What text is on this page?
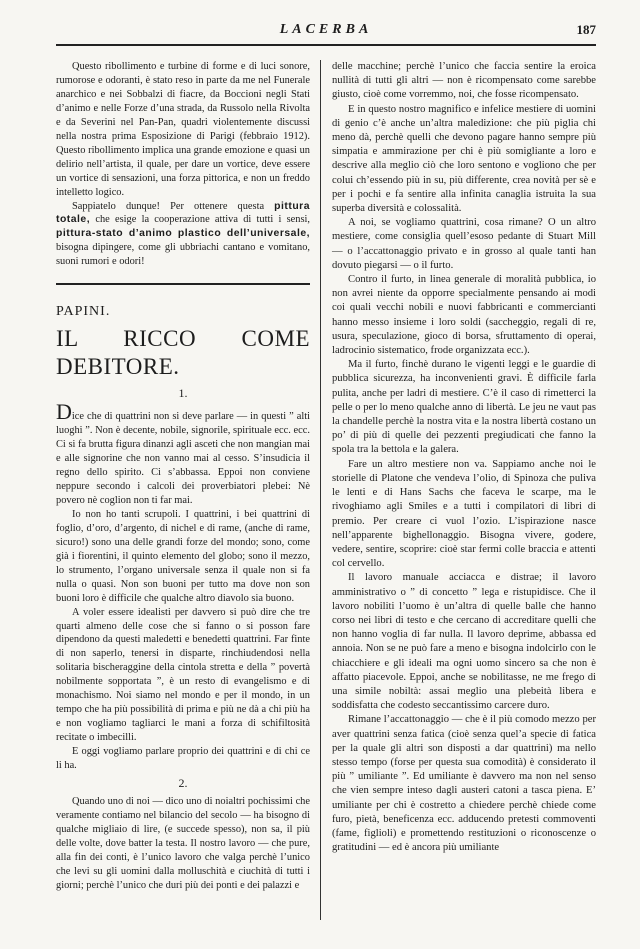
LACERBA	187

Questo ribollimento e turbine di forme e di luci sonore, rumorose e odoranti, è stato reso in parte da me nel Funerale anarchico e nei Sobbalzi di fiacre, da Boccioni negli Stati d’animo e nelle Forze d’una strada, da Russolo nella Rivolta e da Severini nel Pan-Pan, quadri violentemente discussi nella nostra prima Esposizione di Parigi (febbraio 1912). Questo ribollimento implica una grande emozione e quasi un delirio nell’artista, il quale, per dare un vortice, deve essere un vortice di sensazioni, una forza pittorica, e non un freddo intelletto logico.

Sappiatelo dunque! Per ottenere questa pittura totale, che esige la cooperazione attiva di tutti i sensi, pittura-stato d’animo plastico dell’universale, bisogna dipingere, come gli ubbriachi cantano e vomitano, suoni rumori e odori!

PAPINI.
IL RICCO COME DEBITORE.
1.

Dice che di quattrini non si deve parlare — in questi ” alti luoghi ”. Non è decente, nobile, signorile, spirituale ecc. ecc. Ci si fa brutta figura dinanzi agli asceti che non mangian mai e alle signorine che non vanno mai al cesso. S’insudicia il regno dello spirito. Ci s’abbassa. Eppoi non conviene neppure secondo i calcoli dei proverbiatori plebei: Nè povero nè coglion non ti far mai.

Io non ho tanti scrupoli. I quattrini, i bei quattrini di foglio, d’oro, d’argento, di nichel e di rame, (anche di rame, sicuro!) sono una delle grandi forze del mondo; sono, come già i fiorentini, il quinto elemento del globo; sono il mezzo, lo strumento, l’organo universale senza il quale non si fa nulla o quasi. Non son buoni per tutto ma dove non son buoni loro è difficile che qualche altro diavolo sia buono.

A voler essere idealisti per davvero si può dire che tre quarti almeno delle cose che si fanno o si posson fare dipendono da questi maledetti e benedetti quattrini. Far finte di non saperlo, tenersi in disparte, rinchiudendosi nella solitaria bischeraggine della cintola stretta e della ” povertà nobilmente sopportata ”, è un resto di evangelismo e di monachismo. Noi siamo nel mondo e per il mondo, in un tempo che ha più possibilità di prima e più ne dà a chi più ha e non vogliamo tagliarci le mani a forza di schifiltosità recitate o imbecilli.

E oggi vogliamo parlare proprio dei quattrini e di chi ce li ha.

2.

Quando uno di noi — dico uno di noialtri pochissimi che veramente contiamo nel bilancio del secolo — ha bisogno di qualche migliaio di lire, (e succede spesso), non sa, il più delle volte, dove batter la testa. Il nostro lavoro — che pure, alla fin dei conti, è l’unico lavoro che valga perchè l’unico che levi su gli uomini dalla molluschità e ciuchità di tutti i giorni; perchè l’unico che duri più dei ponti e dei palazzi e

delle macchine; perchè l’unico che faccia sentire la eroica nullità di tutti gli altri — non è ricompensato come sarebbe giusto, cioè come vorremmo, noi, che fosse ricompensato.

E in questo nostro magnifico e infelice mestiere di uomini di genio c’è anche un’altra maledizione: che più piglia chi meno dà, perchè quelli che devono pagare hanno sempre più simpatia e ammirazione per chi è più somigliante a loro e descrive alla meglio ciò che loro sentono e vogliono che per colui ch’essendo più in su, più differente, crea novità per sè e per i pochi e fa sentire alla infinita canaglia istruita la sua superba diversità e colossalità.

A noi, se vogliamo quattrini, cosa rimane? O un altro mestiere, come consiglia quell’esoso pedante di Stuart Mill — o l’accattonaggio privato e in grosso al quale tanti han dovuto piegarsi — o il furto.

Contro il furto, in linea generale di moralità pubblica, io non avrei niente da opporre specialmente pensando ai modi coi quali vecchi nobili e nuovi fabbricanti e commercianti hanno messo insieme i loro soldi (saccheggio, regali di re, usura, speculazione, gioco di borsa, sfruttamento di operai, ladrocinio sistematico, frode organizzata ecc.).

Ma il furto, finchè durano le vigenti leggi e le guardie di pubblica sicurezza, ha inconvenienti gravi. È difficile farla pulita, anche per ladri di mestiere. C’è il caso di rimetterci la pelle o per lo meno qualche anno di libertà. Le jeu ne vaut pas la chandelle perchè la nostra vita e la nostra libertà costano un po’ di più di quelle dei pezzenti pregiudicati che fanno la spola tra la bettola e la galera.

Fare un altro mestiere non va. Sappiamo anche noi le storielle di Platone che vendeva l’olio, di Spinoza che puliva le lenti e di Hans Sachs che faceva le scarpe, ma le rivoghiamo agli Smiles e a tutti i compilatori di libri di premio. Per creare ci vuol l’ozio. L’ispirazione nasce nell’apparente bighellonaggio. Bisogna vivere, godere, vedere, sentire, scoprire: cioè star fermi colle braccia e attenti col cervello.

Il lavoro manuale acciacca e distrae; il lavoro amministrativo o ” di concetto ” lega e ristupidisce. Che il lavoro nobiliti l’uomo è un’altra di quelle balle che hanno corso nei libri di testo e che cercano di accreditare quelli che non hanno voglia di far nulla. Il lavoro deprime, abbassa ed annoia. Non se ne può fare a meno e bisogna indolcirlo con le chiacchiere e gli ideali ma ogni uomo sincero sa che non è affatto piacevole. Eppoi, anche se nobilitasse, ne me frego di una simile nobiltà: assai meglio una plebeità libera e soddisfatta che codesto seccantissimo carcere duro.

Rimane l’accattonaggio — che è il più comodo mezzo per aver quattrini senza fatica (cioè senza quel’a specie di fatica per la quale gli altri son disposti a dar quattrini) ma nello stesso tempo (forse per questa sua comodità) è considerato il più ” umiliante ”. Ed umiliante è davvero ma non nel senso che vien sempre inteso dagli austeri catoni a tasca piena. E’ umiliante per chi è costretto a chiedere perchè chiede come furo, pietà, beneficenza ecc. adducendo pretesti commoventi (fame, figlioli) e promettendo restituzioni o riconoscenze o gratitudini — ed è ancora più umiliante
